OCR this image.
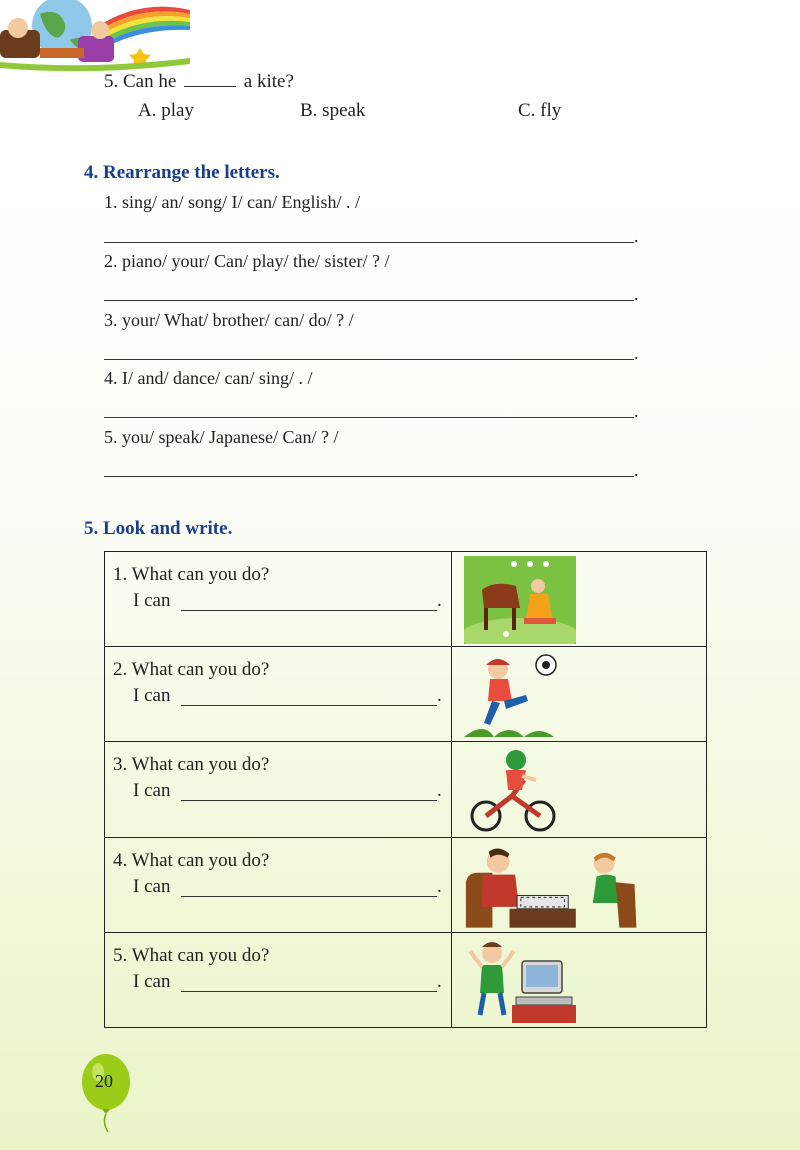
5. Can he	a kite?
A. play	B. speak	C. fly
4. Rearrange the letters.
1. sing/ an/ song/ I/ can/ English/ . /
.
2. piano/ your/ Can/ play/ the/ sister/ ? /
.
3. your/ What/ brother/ can/ do/ ? /
.
4. I/ and/ dance/ can/ sing/ . /
.
5. you/ speak/ Japanese/ Can/ ? /
.
5. Look and write.
1. What can you do?
I can .

2. What can you do?
I can .

3. What can you do?
I can .

4. What can you do?
I can .

5. What can you do?
I can .

20
